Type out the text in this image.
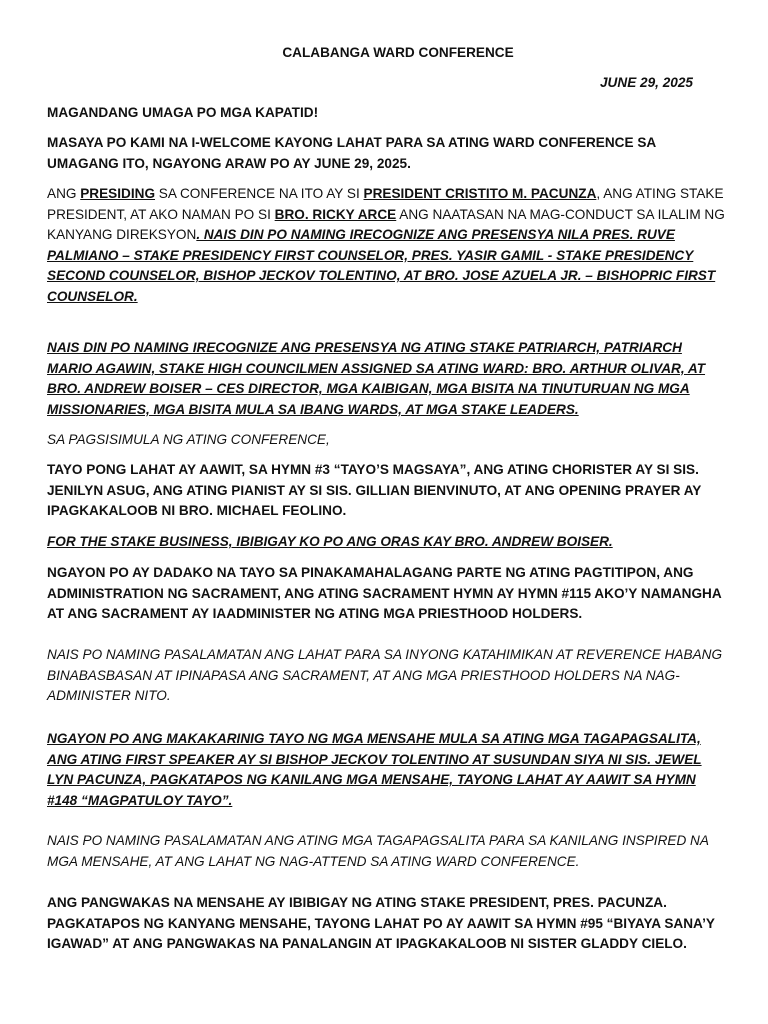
CALABANGA WARD CONFERENCE
JUNE 29, 2025

MAGANDANG UMAGA PO MGA KAPATID!

MASAYA PO KAMI NA I-WELCOME KAYONG LAHAT PARA SA ATING WARD CONFERENCE SA UMAGANG ITO, NGAYONG ARAW PO AY JUNE 29, 2025.

ANG PRESIDING SA CONFERENCE NA ITO AY SI PRESIDENT CRISTITO M. PACUNZA, ANG ATING STAKE PRESIDENT, AT AKO NAMAN PO SI BRO. RICKY ARCE ANG NAATASAN NA MAG-CONDUCT SA ILALIM NG KANYANG DIREKSYON. NAIS DIN PO NAMING IRECOGNIZE ANG PRESENSYA NILA PRES. RUVE PALMIANO – STAKE PRESIDENCY FIRST COUNSELOR, PRES. YASIR GAMIL - STAKE PRESIDENCY SECOND COUNSELOR, BISHOP JECKOV TOLENTINO, AT BRO. JOSE AZUELA JR. – BISHOPRIC FIRST COUNSELOR.

NAIS DIN PO NAMING IRECOGNIZE ANG PRESENSYA NG ATING STAKE PATRIARCH, PATRIARCH MARIO AGAWIN, STAKE HIGH COUNCILMEN ASSIGNED SA ATING WARD: BRO. ARTHUR OLIVAR, AT BRO. ANDREW BOISER – CES DIRECTOR, MGA KAIBIGAN, MGA BISITA NA TINUTURUAN NG MGA MISSIONARIES, MGA BISITA MULA SA IBANG WARDS, AT MGA STAKE LEADERS.

SA PAGSISIMULA NG ATING CONFERENCE,

TAYO PONG LAHAT AY AAWIT, SA HYMN #3 “TAYO’S MAGSAYA”, ANG ATING CHORISTER AY SI SIS. JENILYN ASUG, ANG ATING PIANIST AY SI SIS. GILLIAN BIENVINUTO, AT ANG OPENING PRAYER AY IPAGKAKALOOB NI BRO. MICHAEL FEOLINO.

FOR THE STAKE BUSINESS, IBIBIGAY KO PO ANG ORAS KAY BRO. ANDREW BOISER.

NGAYON PO AY DADAKO NA TAYO SA PINAKAMAHALAGANG PARTE NG ATING PAGTITIPON, ANG ADMINISTRATION NG SACRAMENT, ANG ATING SACRAMENT HYMN AY HYMN #115 AKO’Y NAMANGHA AT ANG SACRAMENT AY IAADMINISTER NG ATING MGA PRIESTHOOD HOLDERS.

NAIS PO NAMING PASALAMATAN ANG LAHAT PARA SA INYONG KATAHIMIKAN AT REVERENCE HABANG BINABASBASAN AT IPINAPASA ANG SACRAMENT, AT ANG MGA PRIESTHOOD HOLDERS NA NAG-ADMINISTER NITO.

NGAYON PO ANG MAKAKARINIG TAYO NG MGA MENSAHE MULA SA ATING MGA TAGAPAGSALITA, ANG ATING FIRST SPEAKER AY SI BISHOP JECKOV TOLENTINO AT SUSUNDAN SIYA NI SIS. JEWEL LYN PACUNZA, PAGKATAPOS NG KANILANG MGA MENSAHE, TAYONG LAHAT AY AAWIT SA HYMN #148 “MAGPATULOY TAYO”.

NAIS PO NAMING PASALAMATAN ANG ATING MGA TAGAPAGSALITA PARA SA KANILANG INSPIRED NA MGA MENSAHE, AT ANG LAHAT NG NAG-ATTEND SA ATING WARD CONFERENCE.

ANG PANGWAKAS NA MENSAHE AY IBIBIGAY NG ATING STAKE PRESIDENT, PRES. PACUNZA. PAGKATAPOS NG KANYANG MENSAHE, TAYONG LAHAT PO AY AAWIT SA HYMN #95 “BIYAYA SANA’Y IGAWAD” AT ANG PANGWAKAS NA PANALANGIN AT IPAGKAKALOOB NI SISTER GLADDY CIELO.
